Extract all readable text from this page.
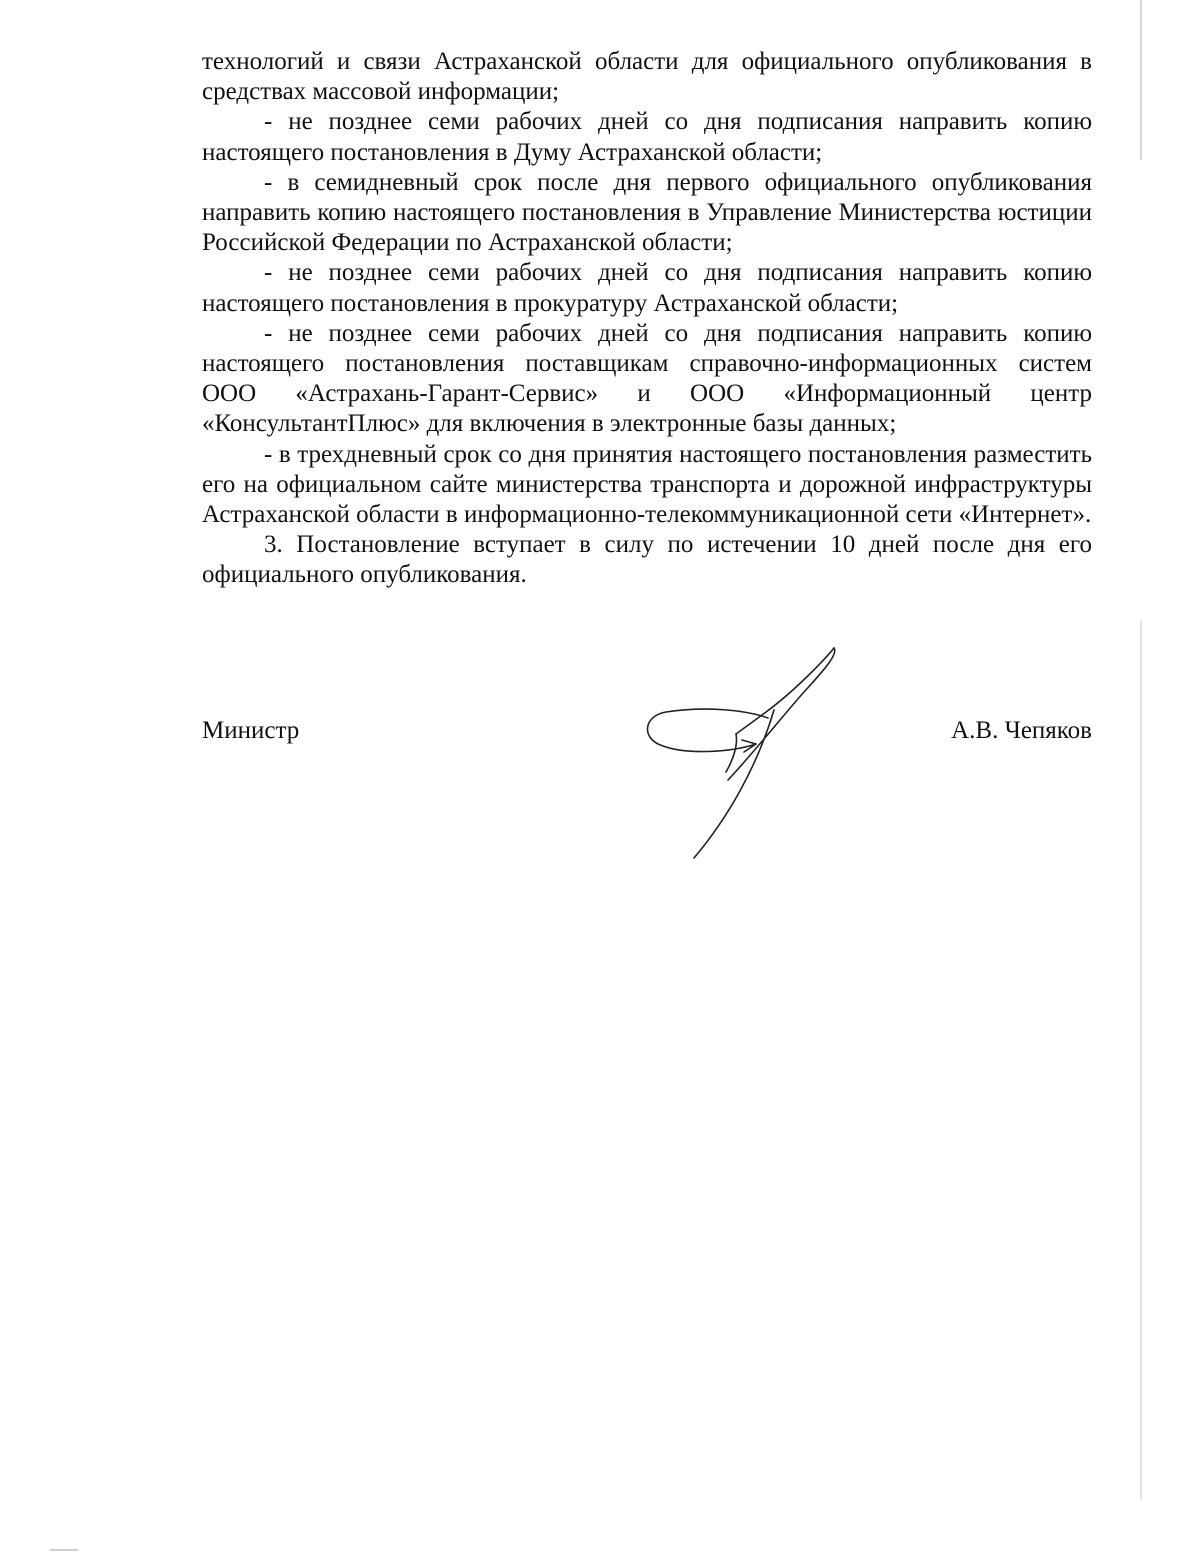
технологий и связи Астраханской области для официального опубликования в средствах массовой информации;

- не позднее семи рабочих дней со дня подписания направить копию настоящего постановления в Думу Астраханской области;

- в семидневный срок после дня первого официального опубликования направить копию настоящего постановления в Управление Министерства юстиции Российской Федерации по Астраханской области;

- не позднее семи рабочих дней со дня подписания направить копию настоящего постановления в прокуратуру Астраханской области;

- не позднее семи рабочих дней со дня подписания направить копию настоящего постановления поставщикам справочно-информационных систем ООО «Астрахань-Гарант-Сервис» и ООО «Информационный центр «КонсультантПлюс» для включения в электронные базы данных;

- в трехдневный срок со дня принятия настоящего постановления разместить его на официальном сайте министерства транспорта и дорожной инфраструктуры Астраханской области в информационно-телекоммуникационной сети «Интернет».

3. Постановление вступает в силу по истечении 10 дней после дня его официального опубликования.

Министр	А.В. Чепяков
